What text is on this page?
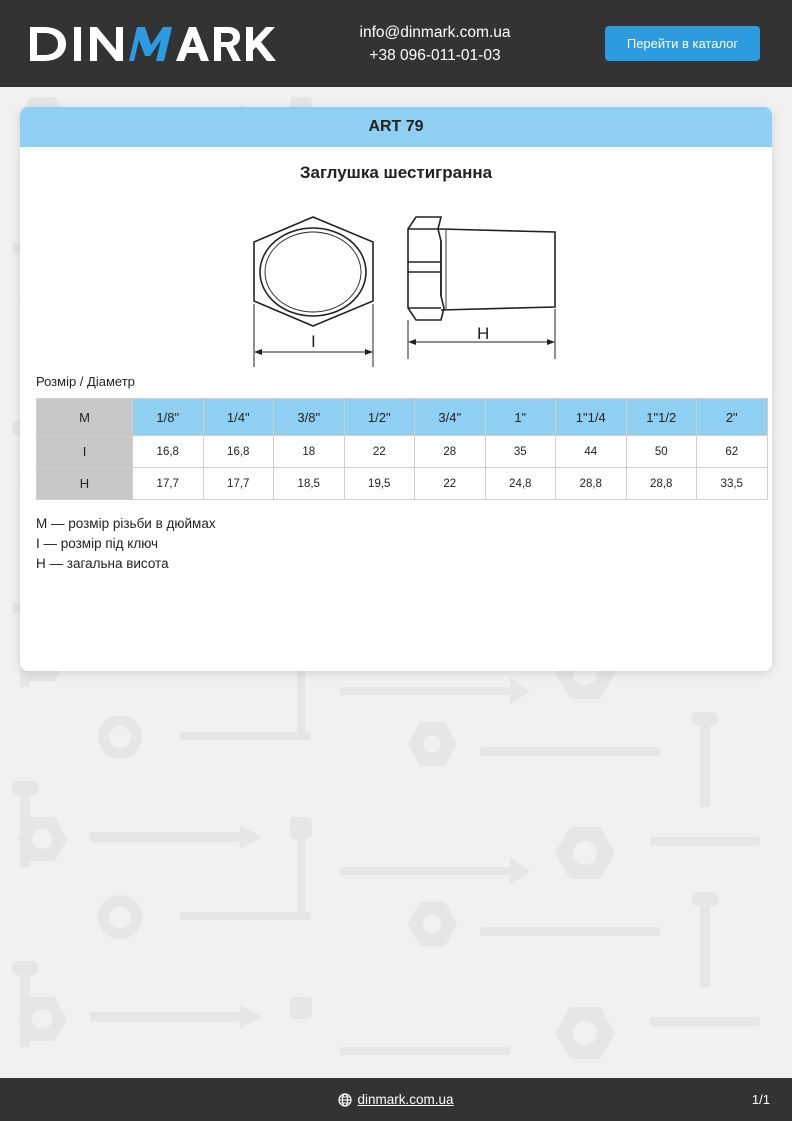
info@dinmark.com.ua
+38 096-011-01-03
Перейти в каталог
ART 79
Заглушка шестигранна
I	H
Розмір / Діаметр
M	1/8"	1/4"	3/8"	1/2"	3/4"	1"	1"1/4	1"1/2	2"
I	16,8	16,8	18	22	28	35	44	50	62
H	17,7	17,7	18,5	19,5	22	24,8	28,8	28,8	33,5
M — розмір різьби в дюймах
I — розмір під ключ
H — загальна висота
dinmark.com.ua	1/1
